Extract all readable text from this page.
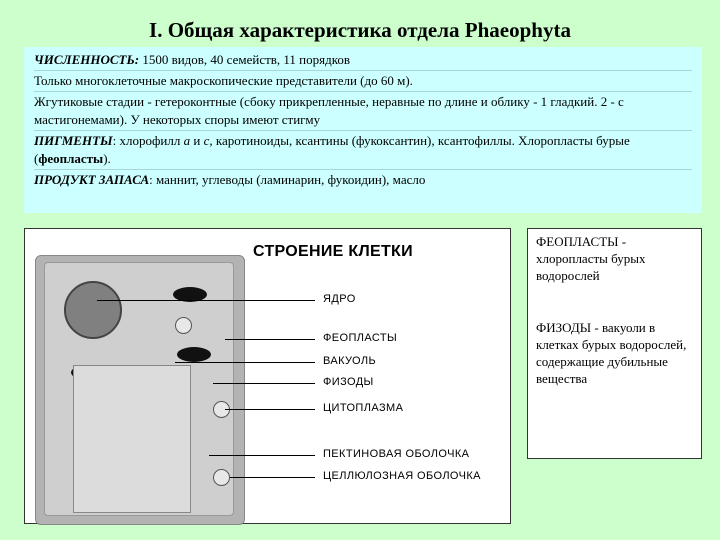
I. Общая характеристика отдела Phaeophyta
ЧИСЛЕННОСТЬ: 1500 видов, 40 семейств, 11 порядков
Только многоклеточные макроскопические представители (до 60 м).
Жгутиковые стадии - гетероконтные (сбоку прикрепленные, неравные по длине и облику - 1 гладкий. 2 - с мастигонемами). У некоторых споры имеют стигму
ПИГМЕНТЫ: хлорофилл а и с, каротиноиды, ксантины (фукоксантин), ксантофиллы. Хлоропласты бурые (феопласты).
ПРОДУКТ ЗАПАСА: маннит, углеводы (ламинарин, фукоидин), масло
СТРОЕНИЕ КЛЕТКИ
ЯДРО
ФЕОПЛАСТЫ
ВАКУОЛЬ
ФИЗОДЫ
ЦИТОПЛАЗМА
ПЕКТИНОВАЯ ОБОЛОЧКА
ЦЕЛЛЮЛОЗНАЯ ОБОЛОЧКА

ФЕОПЛАСТЫ - хлоропласты бурых водорослей

ФИЗОДЫ - вакуоли в клетках бурых водорослей, содержащие дубильные вещества
